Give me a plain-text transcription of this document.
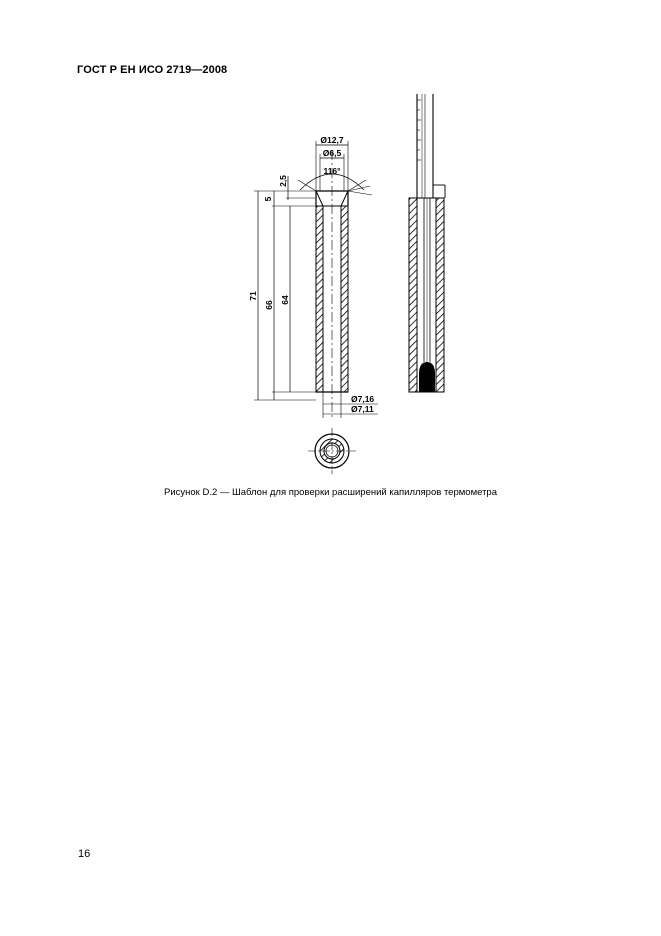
ГОСТ Р ЕН ИСО 2719—2008
Ø12,7
Ø6,5
116°
71
66
64
5
2,5
Ø7,16
Ø7,11
Рисунок D.2 — Шаблон для проверки расширений капилляров термометра
16
